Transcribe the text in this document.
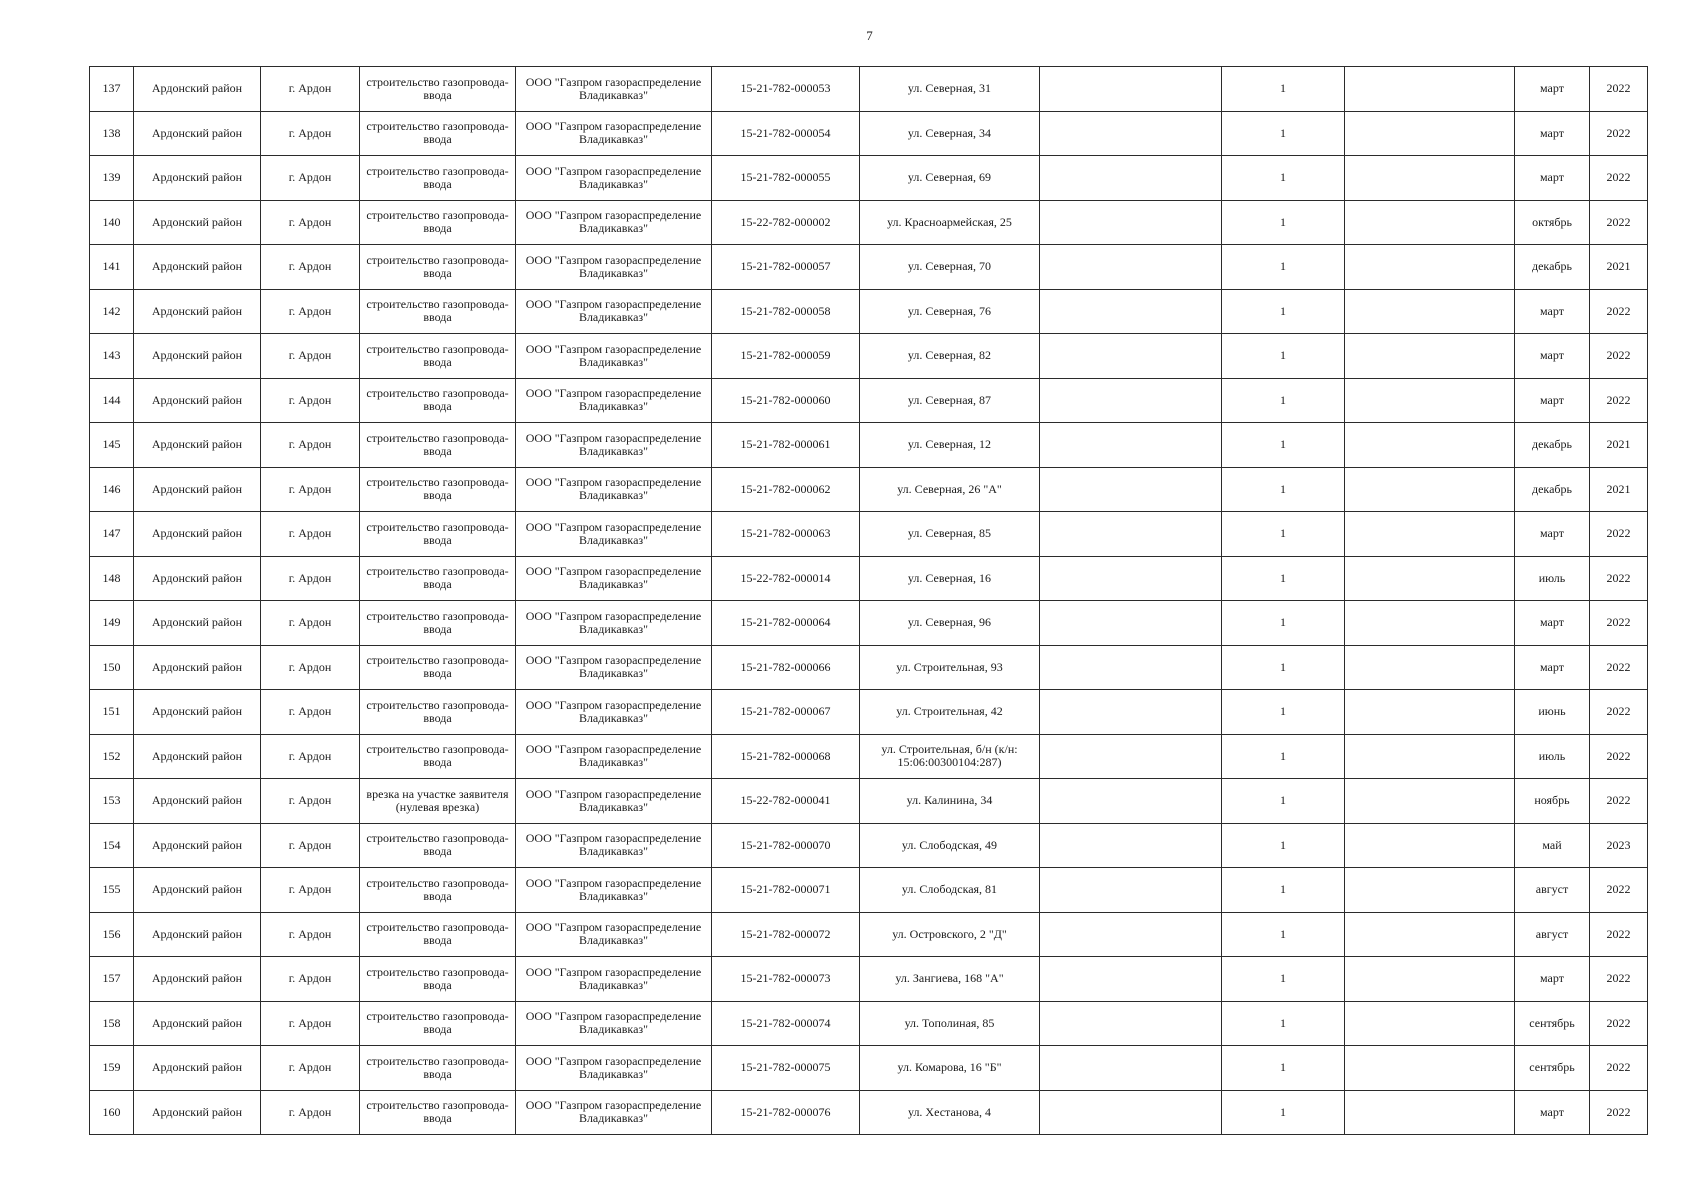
7
137	Ардонский район	г. Ардон	строительство газопровода-ввода	ООО "Газпром газораспределение Владикавказ"	15-21-782-000053	ул. Северная, 31		1		март	2022
138	Ардонский район	г. Ардон	строительство газопровода-ввода	ООО "Газпром газораспределение Владикавказ"	15-21-782-000054	ул. Северная, 34		1		март	2022
139	Ардонский район	г. Ардон	строительство газопровода-ввода	ООО "Газпром газораспределение Владикавказ"	15-21-782-000055	ул. Северная, 69		1		март	2022
140	Ардонский район	г. Ардон	строительство газопровода-ввода	ООО "Газпром газораспределение Владикавказ"	15-22-782-000002	ул. Красноармейская, 25		1		октябрь	2022
141	Ардонский район	г. Ардон	строительство газопровода-ввода	ООО "Газпром газораспределение Владикавказ"	15-21-782-000057	ул. Северная, 70		1		декабрь	2021
142	Ардонский район	г. Ардон	строительство газопровода-ввода	ООО "Газпром газораспределение Владикавказ"	15-21-782-000058	ул. Северная, 76		1		март	2022
143	Ардонский район	г. Ардон	строительство газопровода-ввода	ООО "Газпром газораспределение Владикавказ"	15-21-782-000059	ул. Северная, 82		1		март	2022
144	Ардонский район	г. Ардон	строительство газопровода-ввода	ООО "Газпром газораспределение Владикавказ"	15-21-782-000060	ул. Северная, 87		1		март	2022
145	Ардонский район	г. Ардон	строительство газопровода-ввода	ООО "Газпром газораспределение Владикавказ"	15-21-782-000061	ул. Северная, 12		1		декабрь	2021
146	Ардонский район	г. Ардон	строительство газопровода-ввода	ООО "Газпром газораспределение Владикавказ"	15-21-782-000062	ул. Северная, 26 "А"		1		декабрь	2021
147	Ардонский район	г. Ардон	строительство газопровода-ввода	ООО "Газпром газораспределение Владикавказ"	15-21-782-000063	ул. Северная, 85		1		март	2022
148	Ардонский район	г. Ардон	строительство газопровода-ввода	ООО "Газпром газораспределение Владикавказ"	15-22-782-000014	ул. Северная, 16		1		июль	2022
149	Ардонский район	г. Ардон	строительство газопровода-ввода	ООО "Газпром газораспределение Владикавказ"	15-21-782-000064	ул. Северная, 96		1		март	2022
150	Ардонский район	г. Ардон	строительство газопровода-ввода	ООО "Газпром газораспределение Владикавказ"	15-21-782-000066	ул. Строительная, 93		1		март	2022
151	Ардонский район	г. Ардон	строительство газопровода-ввода	ООО "Газпром газораспределение Владикавказ"	15-21-782-000067	ул. Строительная, 42		1		июнь	2022
152	Ардонский район	г. Ардон	строительство газопровода-ввода	ООО "Газпром газораспределение Владикавказ"	15-21-782-000068	ул. Строительная, б/н (к/н: 15:06:00300104:287)		1		июль	2022
153	Ардонский район	г. Ардон	врезка на участке заявителя (нулевая врезка)	ООО "Газпром газораспределение Владикавказ"	15-22-782-000041	ул. Калинина, 34		1		ноябрь	2022
154	Ардонский район	г. Ардон	строительство газопровода-ввода	ООО "Газпром газораспределение Владикавказ"	15-21-782-000070	ул. Слободская, 49		1		май	2023
155	Ардонский район	г. Ардон	строительство газопровода-ввода	ООО "Газпром газораспределение Владикавказ"	15-21-782-000071	ул. Слободская, 81		1		август	2022
156	Ардонский район	г. Ардон	строительство газопровода-ввода	ООО "Газпром газораспределение Владикавказ"	15-21-782-000072	ул. Островского, 2 "Д"		1		август	2022
157	Ардонский район	г. Ардон	строительство газопровода-ввода	ООО "Газпром газораспределение Владикавказ"	15-21-782-000073	ул. Зангиева, 168 "А"		1		март	2022
158	Ардонский район	г. Ардон	строительство газопровода-ввода	ООО "Газпром газораспределение Владикавказ"	15-21-782-000074	ул. Тополиная, 85		1		сентябрь	2022
159	Ардонский район	г. Ардон	строительство газопровода-ввода	ООО "Газпром газораспределение Владикавказ"	15-21-782-000075	ул. Комарова, 16 "Б"		1		сентябрь	2022
160	Ардонский район	г. Ардон	строительство газопровода-ввода	ООО "Газпром газораспределение Владикавказ"	15-21-782-000076	ул. Хестанова, 4		1		март	2022
